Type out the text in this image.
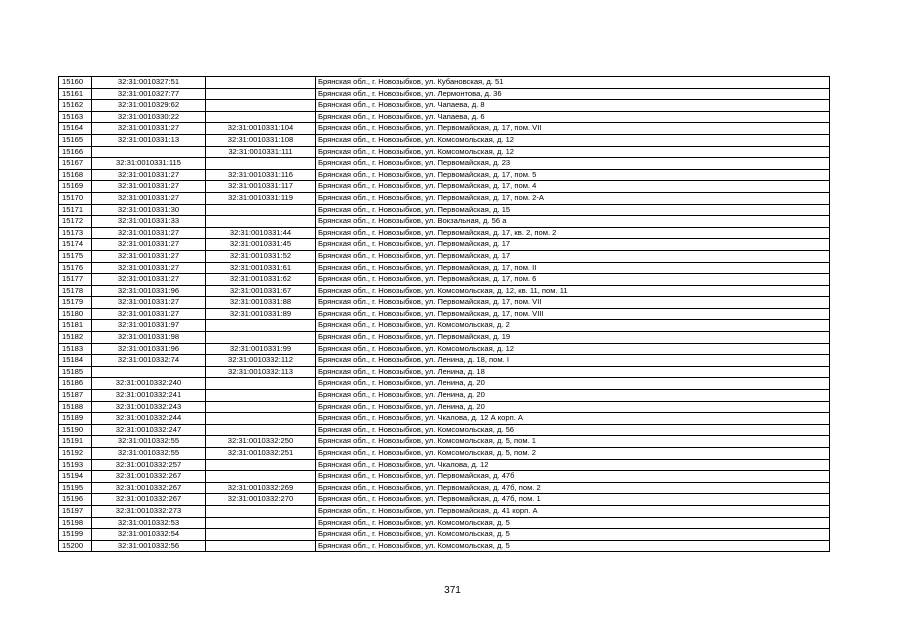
15160	32:31:0010327:51		Брянская обл., г. Новозыбков, ул. Кубановская, д. 51
15161	32:31:0010327:77		Брянская обл., г. Новозыбков, ул. Лермонтова, д. 36
15162	32:31:0010329:62		Брянская обл., г. Новозыбков, ул. Чапаева, д. 8
15163	32:31:0010330:22		Брянская обл., г. Новозыбков, ул. Чапаева, д. 6
15164	32:31:0010331:27	32:31:0010331:104	Брянская обл., г. Новозыбков, ул. Первомайская, д. 17, пом. VII
15165	32:31:0010331:13	32:31:0010331:108	Брянская обл., г. Новозыбков, ул. Комсомольская, д. 12
15166		32:31:0010331:111	Брянская обл., г. Новозыбков, ул. Комсомольская, д. 12
15167	32:31:0010331:115		Брянская обл., г. Новозыбков, ул. Первомайская, д. 23
15168	32:31:0010331:27	32:31:0010331:116	Брянская обл., г. Новозыбков, ул. Первомайская, д. 17, пом. 5
15169	32:31:0010331:27	32:31:0010331:117	Брянская обл., г. Новозыбков, ул. Первомайская, д. 17, пом. 4
15170	32:31:0010331:27	32:31:0010331:119	Брянская обл., г. Новозыбков, ул. Первомайская, д. 17, пом. 2-А
15171	32:31:0010331:30		Брянская обл., г. Новозыбков, ул. Первомайская, д. 15
15172	32:31:0010331:33		Брянская обл., г. Новозыбков, ул. Вокзальная, д. 56 а
15173	32:31:0010331:27	32:31:0010331:44	Брянская обл., г. Новозыбков, ул. Первомайская, д. 17, кв. 2, пом. 2
15174	32:31:0010331:27	32:31:0010331:45	Брянская обл., г. Новозыбков, ул. Первомайская, д. 17
15175	32:31:0010331:27	32:31:0010331:52	Брянская обл., г. Новозыбков, ул. Первомайская, д. 17
15176	32:31:0010331:27	32:31:0010331:61	Брянская обл., г. Новозыбков, ул. Первомайская, д. 17, пом. II
15177	32:31:0010331:27	32:31:0010331:62	Брянская обл., г. Новозыбков, ул. Первомайская, д. 17, пом. 6
15178	32:31:0010331:96	32:31:0010331:67	Брянская обл., г. Новозыбков, ул. Комсомольская, д. 12, кв. 11, пом. 11
15179	32:31:0010331:27	32:31:0010331:88	Брянская обл., г. Новозыбков, ул. Первомайская, д. 17, пом. VII
15180	32:31:0010331:27	32:31:0010331:89	Брянская обл., г. Новозыбков, ул. Первомайская, д. 17, пом. VIII
15181	32:31:0010331:97		Брянская обл., г. Новозыбков, ул. Комсомольская, д. 2
15182	32:31:0010331:98		Брянская обл., г. Новозыбков, ул. Первомайская, д. 19
15183	32:31:0010331:96	32:31:0010331:99	Брянская обл., г. Новозыбков, ул. Комсомольская, д. 12
15184	32:31:0010332:74	32:31:0010332:112	Брянская обл., г. Новозыбков, ул. Ленина, д. 18, пом. I
15185		32:31:0010332:113	Брянская обл., г. Новозыбков, ул. Ленина, д. 18
15186	32:31:0010332:240		Брянская обл., г. Новозыбков, ул. Ленина, д. 20
15187	32:31:0010332:241		Брянская обл., г. Новозыбков, ул. Ленина, д. 20
15188	32:31:0010332:243		Брянская обл., г. Новозыбков, ул. Ленина, д. 20
15189	32:31:0010332:244		Брянская обл., г. Новозыбков, ул. Чкалова, д. 12 А корп. А
15190	32:31:0010332:247		Брянская обл., г. Новозыбков, ул. Комсомольская, д. 56
15191	32:31:0010332:55	32:31:0010332:250	Брянская обл., г. Новозыбков, ул. Комсомольская, д. 5, пом. 1
15192	32:31:0010332:55	32:31:0010332:251	Брянская обл., г. Новозыбков, ул. Комсомольская, д. 5, пом. 2
15193	32:31:0010332:257		Брянская обл., г. Новозыбков, ул. Чкалова, д. 12
15194	32:31:0010332:267		Брянская обл., г. Новозыбков, ул. Первомайская, д. 47б
15195	32:31:0010332:267	32:31:0010332:269	Брянская обл., г. Новозыбков, ул. Первомайская, д. 47б, пом. 2
15196	32:31:0010332:267	32:31:0010332:270	Брянская обл., г. Новозыбков, ул. Первомайская, д. 47б, пом. 1
15197	32:31:0010332:273		Брянская обл., г. Новозыбков, ул. Первомайская, д. 41 корп. А
15198	32:31:0010332:53		Брянская обл., г. Новозыбков, ул. Комсомольская, д. 5
15199	32:31:0010332:54		Брянская обл., г. Новозыбков, ул. Комсомольская, д. 5
15200	32:31:0010332:56		Брянская обл., г. Новозыбков, ул. Комсомольская, д. 5
371
